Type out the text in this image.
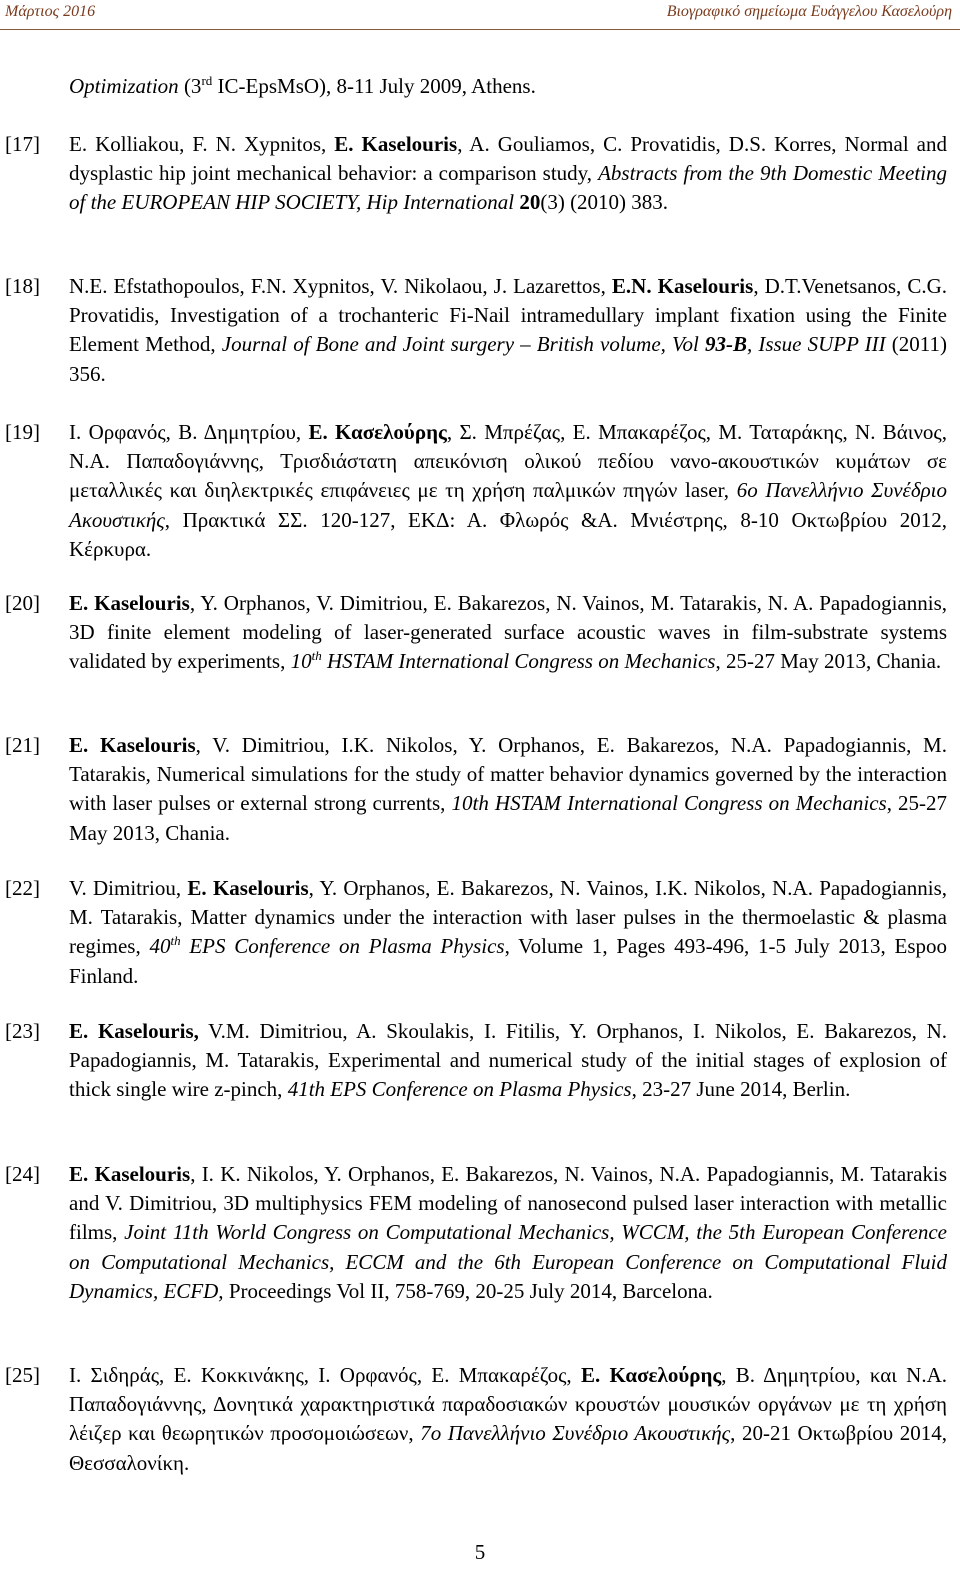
Μάρτιος 2016	Βιογραφικό σημείωμα Ευάγγελου Κασελούρη
Optimization (3rd IC-EpsMsO), 8-11 July 2009, Athens.
[17] E. Kolliakou, F. N. Xypnitos, E. Kaselouris, A. Gouliamos, C. Provatidis, D.S. Korres, Normal and dysplastic hip joint mechanical behavior: a comparison study, Abstracts from the 9th Domestic Meeting of the EUROPEAN HIP SOCIETY, Hip International 20(3) (2010) 383.
[18] N.E. Efstathopoulos, F.N. Xypnitos, V. Nikolaou, J. Lazarettos, E.N. Kaselouris, D.T.Venetsanos, C.G. Provatidis, Investigation of a trochanteric Fi-Nail intramedullary implant fixation using the Finite Element Method, Journal of Bone and Joint surgery – British volume, Vol 93-B, Issue SUPP III (2011) 356.
[19] Ι. Ορφανός, Β. Δημητρίου, Ε. Κασελούρης, Σ. Μπρέζας, Ε. Μπακαρέζος, Μ. Ταταράκης, Ν. Βάινος, Ν.Α. Παπαδογιάννης, Τρισδιάστατη απεικόνιση ολικού πεδίου νανο-ακουστικών κυμάτων σε μεταλλικές και διηλεκτρικές επιφάνειες με τη χρήση παλμικών πηγών laser, 6ο Πανελλήνιο Συνέδριο Ακουστικής, Πρακτικά ΣΣ. 120-127, ΕΚΔ: Α. Φλωρός &Α. Μνιέστρης, 8-10 Οκτωβρίου 2012, Κέρκυρα.
[20] E. Kaselouris, Y. Orphanos, V. Dimitriou, E. Bakarezos, N. Vainos, M. Tatarakis, N. A. Papadogiannis, 3D finite element modeling of laser-generated surface acoustic waves in film-substrate systems validated by experiments, 10th HSTAM International Congress on Mechanics, 25-27 May 2013, Chania.
[21] E. Kaselouris, V. Dimitriou, I.K. Nikolos, Y. Orphanos, E. Bakarezos, N.A. Papadogiannis, M. Tatarakis, Numerical simulations for the study of matter behavior dynamics governed by the interaction with laser pulses or external strong currents, 10th HSTAM International Congress on Mechanics, 25-27 May 2013, Chania.
[22] V. Dimitriou, E. Kaselouris, Y. Orphanos, E. Bakarezos, N. Vainos, I.K. Nikolos, N.A. Papadogiannis, M. Tatarakis, Matter dynamics under the interaction with laser pulses in the thermoelastic & plasma regimes, 40th EPS Conference on Plasma Physics, Volume 1, Pages 493-496, 1-5 July 2013, Espoo Finland.
[23] E. Kaselouris, V.M. Dimitriou, A. Skoulakis, I. Fitilis, Y. Orphanos, I. Nikolos, E. Bakarezos, N. Papadogiannis, M. Tatarakis, Experimental and numerical study of the initial stages of explosion of thick single wire z-pinch, 41th EPS Conference on Plasma Physics, 23-27 June 2014, Berlin.
[24] E. Kaselouris, I. K. Nikolos, Y. Orphanos, E. Bakarezos, N. Vainos, N.A. Papadogiannis, M. Tatarakis and V. Dimitriou, 3D multiphysics FEM modeling of nanosecond pulsed laser interaction with metallic films, Joint 11th World Congress on Computational Mechanics, WCCM, the 5th European Conference on Computational Mechanics, ECCM and the 6th European Conference on Computational Fluid Dynamics, ECFD, Proceedings Vol II, 758-769, 20-25 July 2014, Barcelona.
[25] Ι. Σιδηράς, Ε. Κοκκινάκης, Ι. Ορφανός, Ε. Μπακαρέζος, Ε. Κασελούρης, Β. Δημητρίου, και Ν.Α. Παπαδογιάννης, Δονητικά χαρακτηριστικά παραδοσιακών κρουστών μουσικών οργάνων με τη χρήση λέιζερ και θεωρητικών προσομοιώσεων, 7ο Πανελλήνιο Συνέδριο Ακουστικής, 20-21 Οκτωβρίου 2014, Θεσσαλονίκη.
5
